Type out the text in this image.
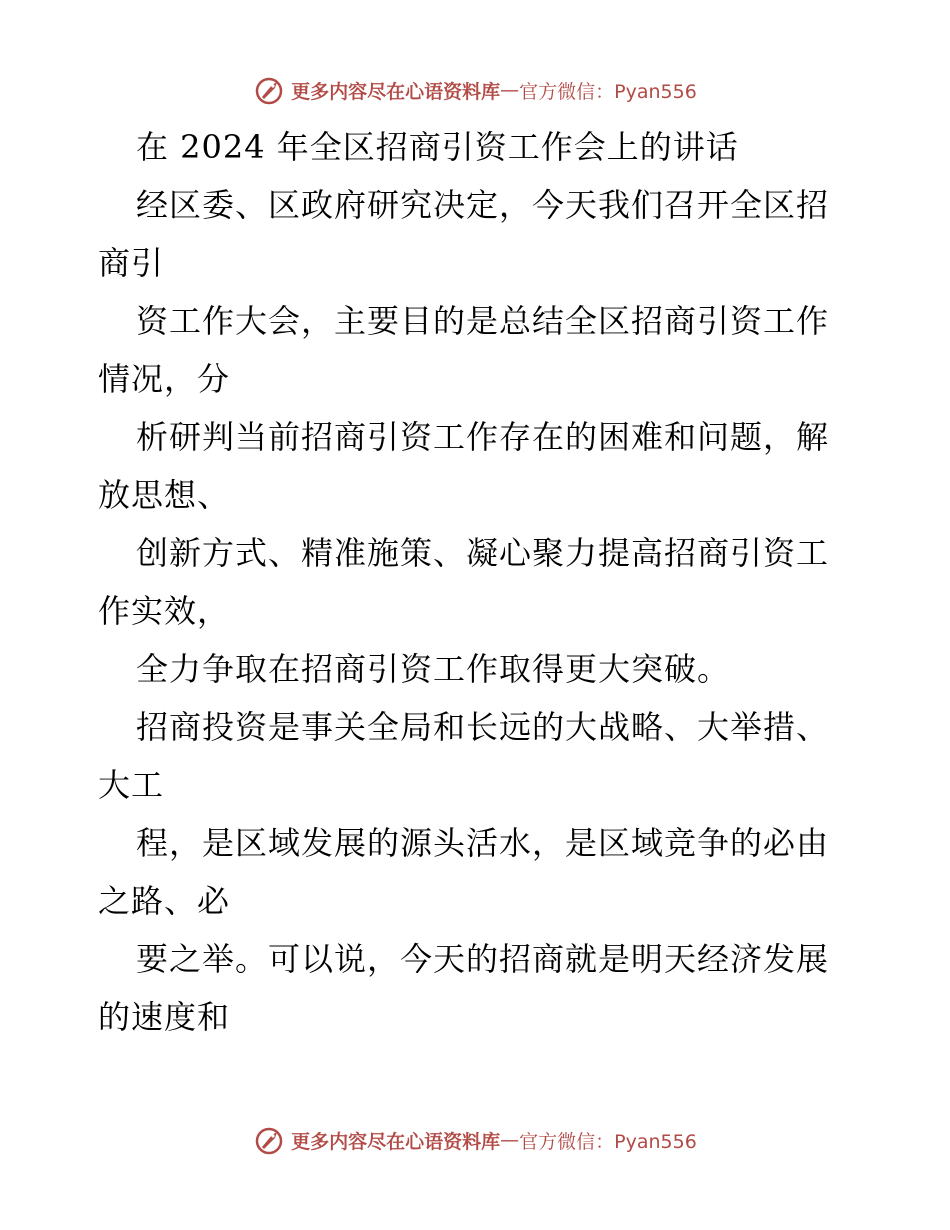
更多内容尽在心语资料库 — 官方微信：Pyan556
在 2024 年全区招商引资工作会上的讲话
经区委、区政府研究决定，今天我们召开全区招
商引
资工作大会，主要目的是总结全区招商引资工作
情况，分
析研判当前招商引资工作存在的困难和问题，解
放思想、
创新方式、精准施策、凝心聚力提高招商引资工
作实效，
全力争取在招商引资工作取得更大突破。
招商投资是事关全局和长远的大战略、大举措、
大工
程，是区域发展的源头活水，是区域竞争的必由
之路、必
要之举。可以说，今天的招商就是明天经济发展
的速度和
更多内容尽在心语资料库 — 官方微信：Pyan556
